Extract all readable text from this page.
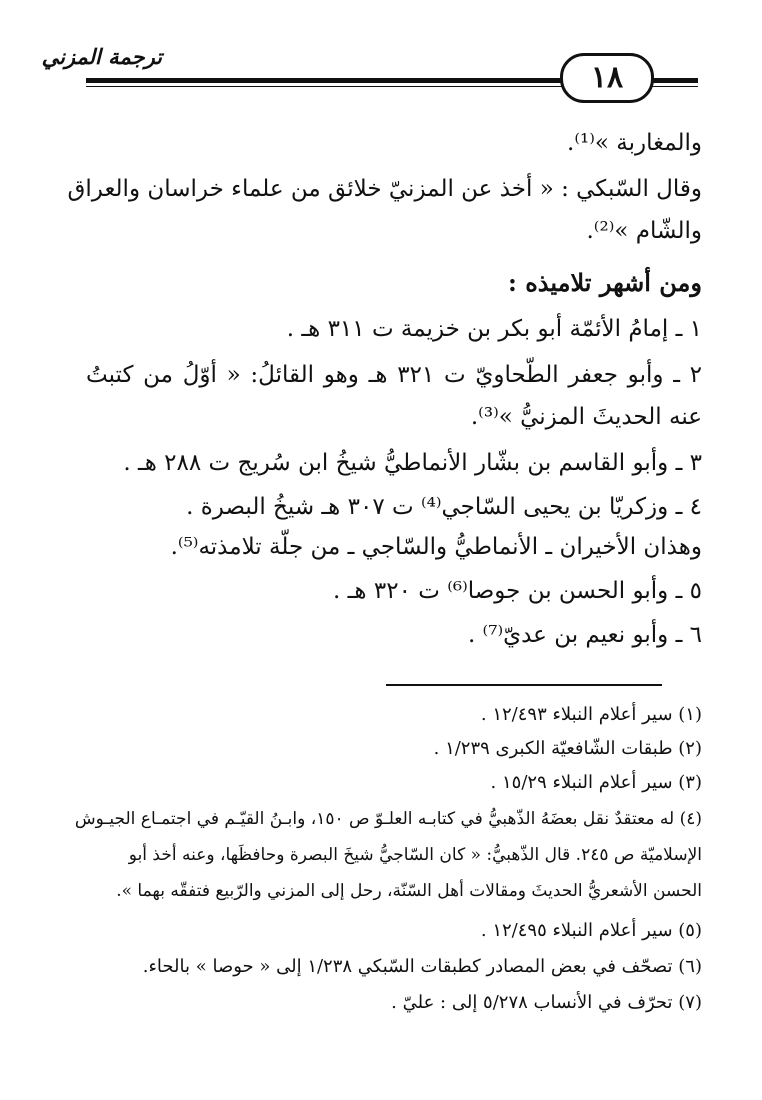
ترجمة المزني
١٨
والمغاربة »⁽¹⁾.
وقال السّبكي : « أخذ عن المزنيّ خلائق من علماء خراسان والعراق
والشّام »⁽²⁾.
ومن أشهر تلاميذه :
١ ـ إمامُ الأئمّة أبو بكر بن خزيمة ت ٣١١ هـ .
٢ ـ وأبو جعفر الطّحاويّ ت ٣٢١ هـ وهو القائلُ: « أوّلُ من كتبتُ
عنه الحديثَ المزنيُّ »⁽³⁾.
٣ ـ وأبو القاسم بن بشّار الأنماطيُّ شيخُ ابن سُريج ت ٢٨٨ هـ .
٤ ـ وزكريّا بن يحيى السّاجي⁽⁴⁾ ت ٣٠٧ هـ شيخُ البصرة .
وهذان الأخيران ـ الأنماطيُّ والسّاجي ـ من جلّة تلامذته⁽⁵⁾.
٥ ـ وأبو الحسن بن جوصا⁽⁶⁾ ت ٣٢٠ هـ .
٦ ـ وأبو نعيم بن عديّ⁽⁷⁾ .
(١) سير أعلام النبلاء ١٢/٤٩٣ .
(٢) طبقات الشّافعيّة الكبرى ١/٢٣٩ .
(٣) سير أعلام النبلاء ١٥/٢٩ .
(٤) له معتقدٌ نقل بعضَهُ الذّهبيُّ في كتابـه العلـوّ ص ١٥٠، وابـنُ القيّـم في اجتمـاع الجيـوش
الإسلاميّة ص ٢٤٥. قال الذّهبيُّ: « كان السّاجيُّ شيخَ البصرة وحافظَها، وعنه أخذ أبو
الحسن الأشعريُّ الحديثَ ومقالات أهل السّنّة، رحل إلى المزني والرّبيع فتفقّه بهما ».
(٥) سير أعلام النبلاء ١٢/٤٩٥ .
(٦) تصحّف في بعض المصادر كطبقات السّبكي ١/٢٣٨ إلى « حوصا » بالحاء.
(٧) تحرّف في الأنساب ٥/٢٧٨ إلى : عليّ .
